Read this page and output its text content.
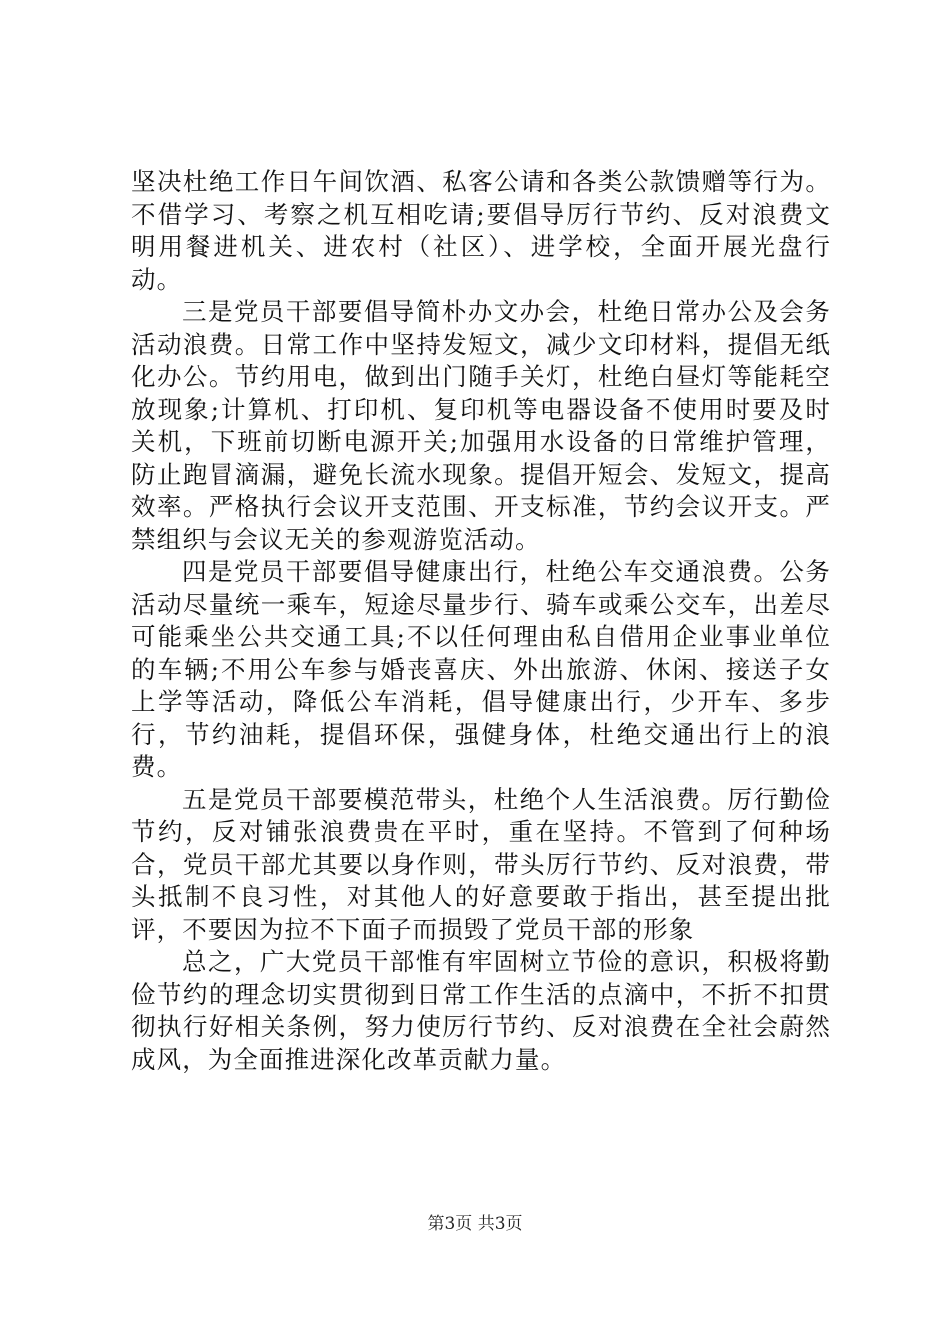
坚决杜绝工作日午间饮酒、私客公请和各类公款馈赠等行为。不借学习、考察之机互相吃请;要倡导厉行节约、反对浪费文明用餐进机关、进农村（社区）、进学校，全面开展光盘行动。

三是党员干部要倡导简朴办文办会，杜绝日常办公及会务活动浪费。日常工作中坚持发短文，减少文印材料，提倡无纸化办公。节约用电，做到出门随手关灯，杜绝白昼灯等能耗空放现象;计算机、打印机、复印机等电器设备不使用时要及时关机，下班前切断电源开关;加强用水设备的日常维护管理，防止跑冒滴漏，避免长流水现象。提倡开短会、发短文，提高效率。严格执行会议开支范围、开支标准，节约会议开支。严禁组织与会议无关的参观游览活动。

四是党员干部要倡导健康出行，杜绝公车交通浪费。公务活动尽量统一乘车，短途尽量步行、骑车或乘公交车，出差尽可能乘坐公共交通工具;不以任何理由私自借用企业事业单位的车辆;不用公车参与婚丧喜庆、外出旅游、休闲、接送子女上学等活动，降低公车消耗，倡导健康出行，少开车、多步行，节约油耗，提倡环保，强健身体，杜绝交通出行上的浪费。

五是党员干部要模范带头，杜绝个人生活浪费。厉行勤俭节约，反对铺张浪费贵在平时，重在坚持。不管到了何种场合，党员干部尤其要以身作则，带头厉行节约、反对浪费，带头抵制不良习性，对其他人的好意要敢于指出，甚至提出批评，不要因为拉不下面子而损毁了党员干部的形象

总之，广大党员干部惟有牢固树立节俭的意识，积极将勤俭节约的理念切实贯彻到日常工作生活的点滴中，不折不扣贯彻执行好相关条例，努力使厉行节约、反对浪费在全社会蔚然成风，为全面推进深化改革贡献力量。

第3页 共3页
